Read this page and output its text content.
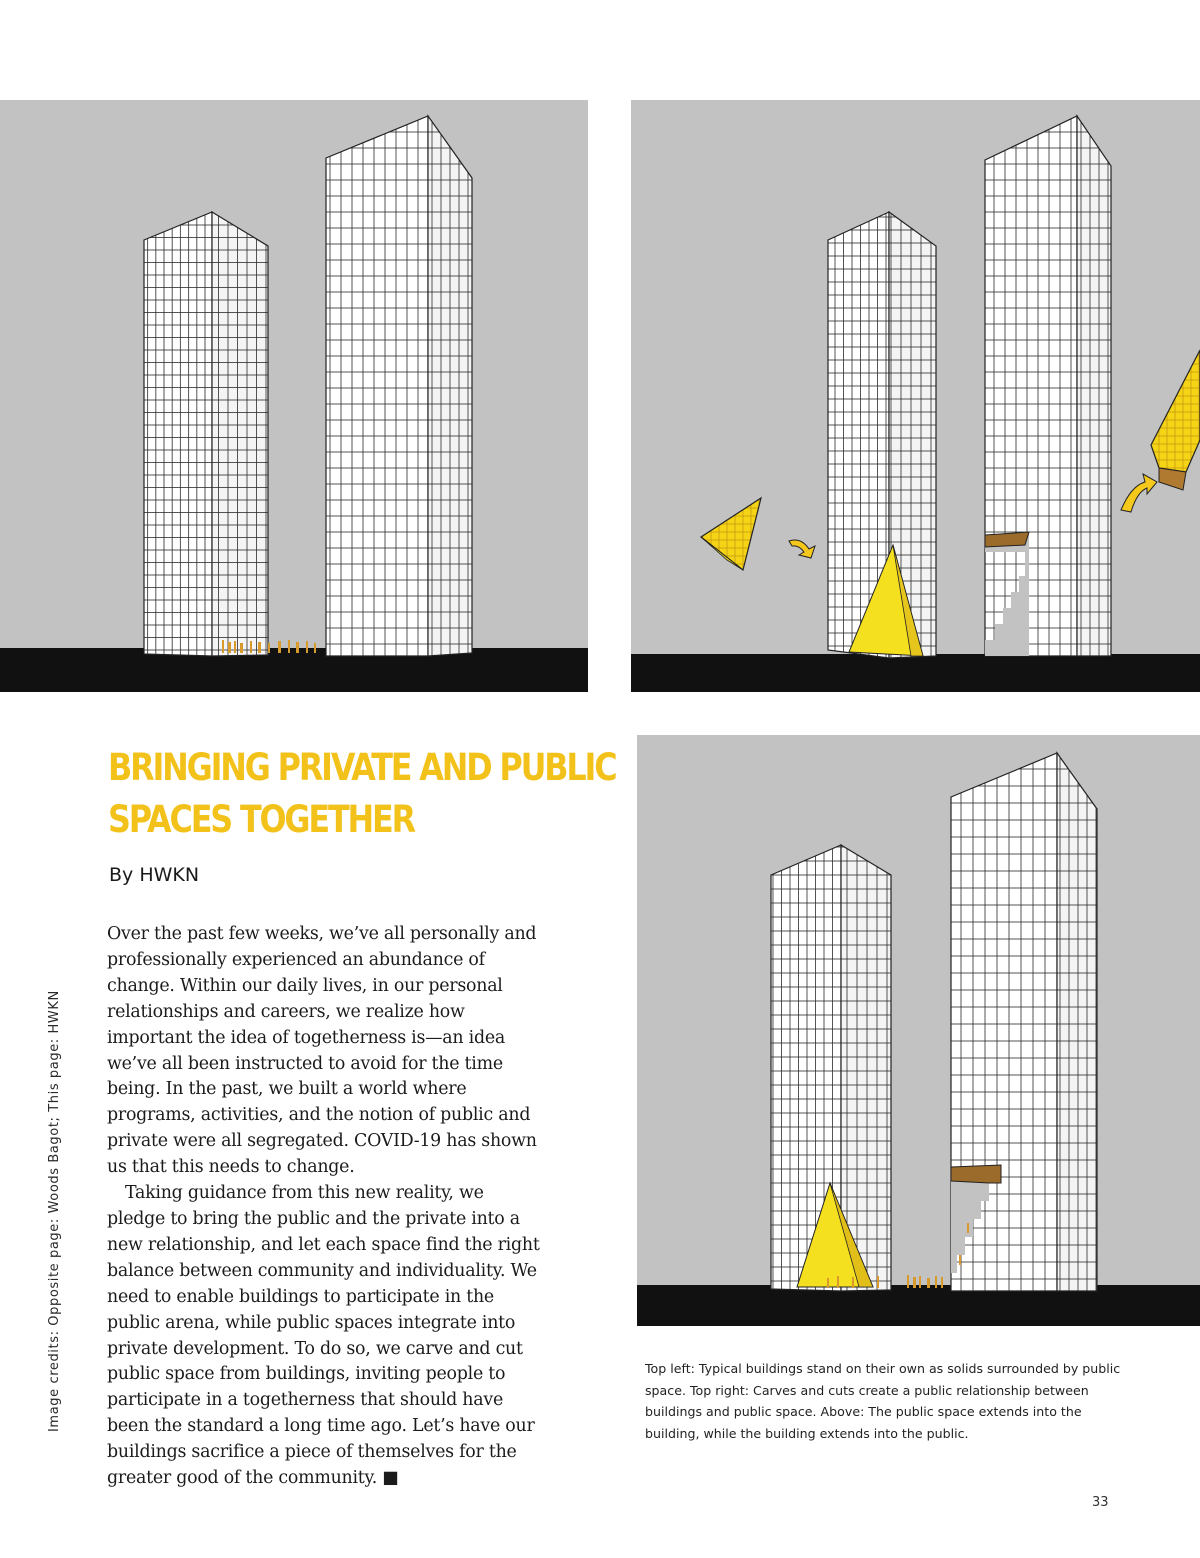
BRINGING PRIVATE AND PUBLIC
SPACES TOGETHER
By HWKN

Over the past few weeks, we’ve all personally and professionally experienced an abundance of change. Within our daily lives, in our personal relationships and careers, we realize how important the idea of togetherness is—an idea we’ve all been instructed to avoid for the time being. In the past, we built a world where programs, activities, and the notion of public and private were all segregated. COVID-19 has shown us that this needs to change.

Taking guidance from this new reality, we pledge to bring the public and the private into a new relationship, and let each space find the right balance between community and individuality. We need to enable buildings to participate in the public arena, while public spaces integrate into private development. To do so, we carve and cut public space from buildings, inviting people to participate in a togetherness that should have been the standard a long time ago. Let’s have our buildings sacrifice a piece of themselves for the greater good of the community. ■

Image credits: Opposite page: Woods Bagot; This page: HWKN	Top left: Typical buildings stand on their own as solids surrounded by public space. Top right: Carves and cuts create a public relationship between buildings and public space. Above: The public space extends into the building, while the building extends into the public.
33
